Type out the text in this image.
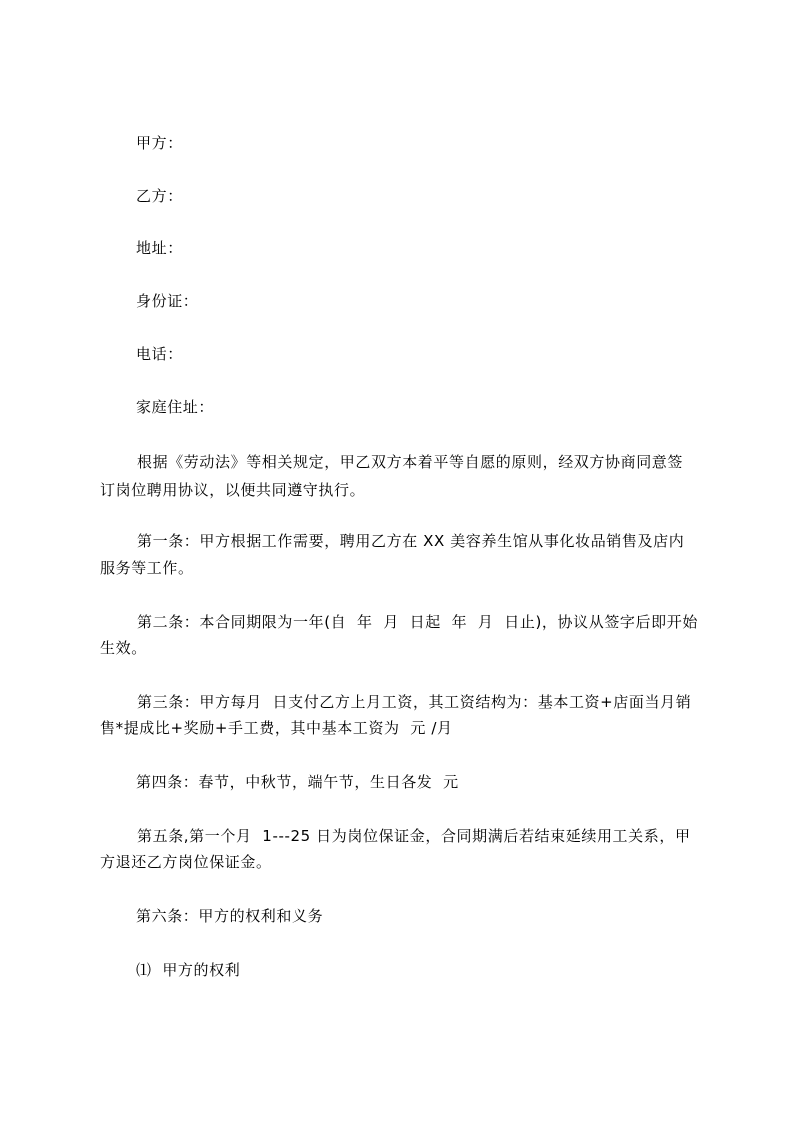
甲方：
乙方：
地址：
身份证：
电话：
家庭住址：
根据《劳动法》等相关规定，甲乙双方本着平等自愿的原则，经双方协商同意签
订岗位聘用协议，以便共同遵守执行。
第一条：甲方根据工作需要，聘用乙方在 XX 美容养生馆从事化妆品销售及店内
服务等工作。
第二条：本合同期限为一年(自  年  月  日起  年  月  日止)，协议从签字后即开始
生效。
第三条：甲方每月  日支付乙方上月工资，其工资结构为：基本工资+店面当月销
售*提成比+奖励+手工费，其中基本工资为  元 /月
第四条：春节，中秋节，端午节，生日各发  元
第五条,第一个月  1---25 日为岗位保证金，合同期满后若结束延续用工关系，甲
方退还乙方岗位保证金。
第六条：甲方的权利和义务
⑴  甲方的权利
